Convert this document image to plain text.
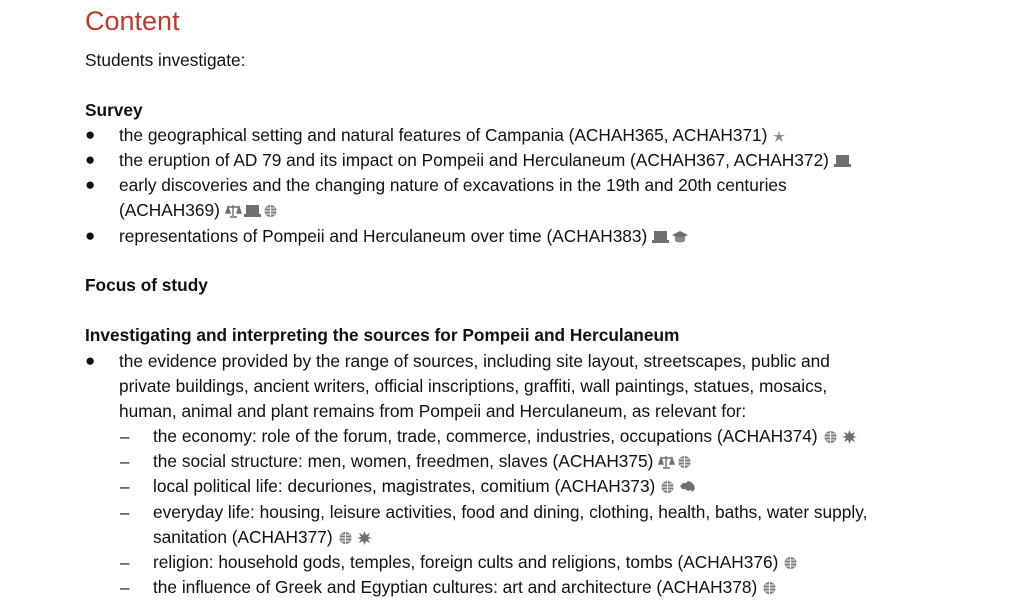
Content
Students investigate:
Survey
● the geographical setting and natural features of Campania (ACHAH365, ACHAH371)
● the eruption of AD 79 and its impact on Pompeii and Herculaneum (ACHAH367, ACHAH372)
● early discoveries and the changing nature of excavations in the 19th and 20th centuries
(ACHAH369)
● representations of Pompeii and Herculaneum over time (ACHAH383)
Focus of study
Investigating and interpreting the sources for Pompeii and Herculaneum
● the evidence provided by the range of sources, including site layout, streetscapes, public and
private buildings, ancient writers, official inscriptions, graffiti, wall paintings, statues, mosaics,
human, animal and plant remains from Pompeii and Herculaneum, as relevant for:
– the economy: role of the forum, trade, commerce, industries, occupations (ACHAH374)
– the social structure: men, women, freedmen, slaves (ACHAH375)
– local political life: decuriones, magistrates, comitium (ACHAH373)
– everyday life: housing, leisure activities, food and dining, clothing, health, baths, water supply,
sanitation (ACHAH377)
– religion: household gods, temples, foreign cults and religions, tombs (ACHAH376)
– the influence of Greek and Egyptian cultures: art and architecture (ACHAH378)
